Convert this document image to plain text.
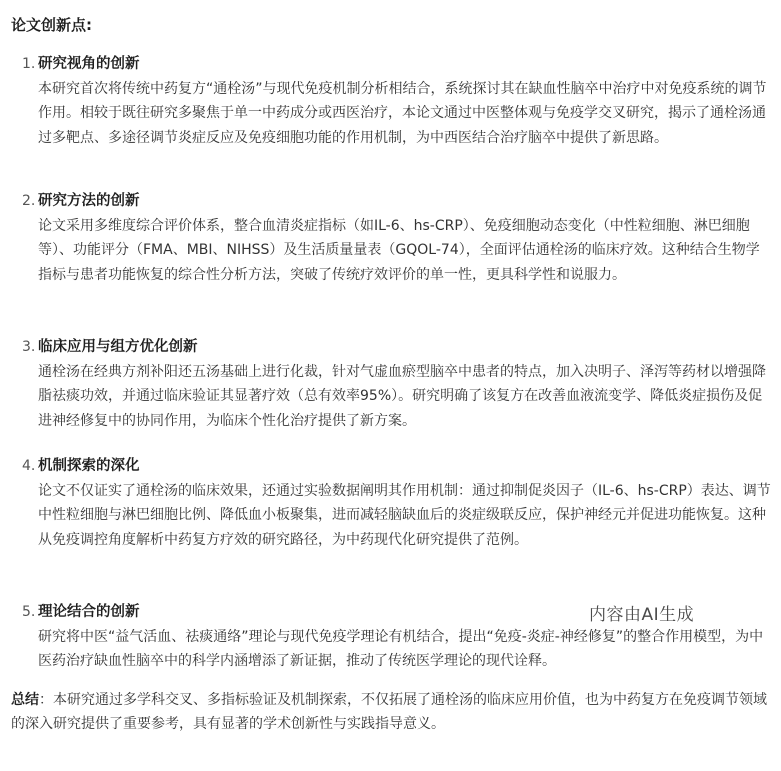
论文创新点:
1. 研究视角的创新
本研究首次将传统中药复方“通栓汤”与现代免疫机制分析相结合，系统探讨其在缺血性脑卒中治疗中对免疫系统的调节作用。相较于既往研究多聚焦于单一中药成分或西医治疗，本论文通过中医整体观与免疫学交叉研究，揭示了通栓汤通过多靶点、多途径调节炎症反应及免疫细胞功能的作用机制，为中西医结合治疗脑卒中提供了新思路。
2. 研究方法的创新
论文采用多维度综合评价体系，整合血清炎症指标（如IL-6、hs-CRP）、免疫细胞动态变化（中性粒细胞、淋巴细胞等）、功能评分（FMA、MBI、NIHSS）及生活质量量表（GQOL-74），全面评估通栓汤的临床疗效。这种结合生物学指标与患者功能恢复的综合性分析方法，突破了传统疗效评价的单一性，更具科学性和说服力。
3. 临床应用与组方优化创新
通栓汤在经典方剂补阳还五汤基础上进行化裁，针对气虚血瘀型脑卒中患者的特点，加入决明子、泽泻等药材以增强降脂祛痰功效，并通过临床验证其显著疗效（总有效率95%）。研究明确了该复方在改善血液流变学、降低炎症损伤及促进神经修复中的协同作用，为临床个性化治疗提供了新方案。
4. 机制探索的深化
论文不仅证实了通栓汤的临床效果，还通过实验数据阐明其作用机制：通过抑制促炎因子（IL-6、hs-CRP）表达、调节中性粒细胞与淋巴细胞比例、降低血小板聚集，进而减轻脑缺血后的炎症级联反应，保护神经元并促进功能恢复。这种从免疫调控角度解析中药复方疗效的研究路径，为中药现代化研究提供了范例。
5. 理论结合的创新
研究将中医“益气活血、祛痰通络”理论与现代免疫学理论有机结合，提出“免疫-炎症-神经修复”的整合作用模型，为中医药治疗缺血性脑卒中的科学内涵增添了新证据，推动了传统医学理论的现代诠释。
总结：本研究通过多学科交叉、多指标验证及机制探索，不仅拓展了通栓汤的临床应用价值，也为中药复方在免疫调节领域的深入研究提供了重要参考，具有显著的学术创新性与实践指导意义。
内容由AI生成
